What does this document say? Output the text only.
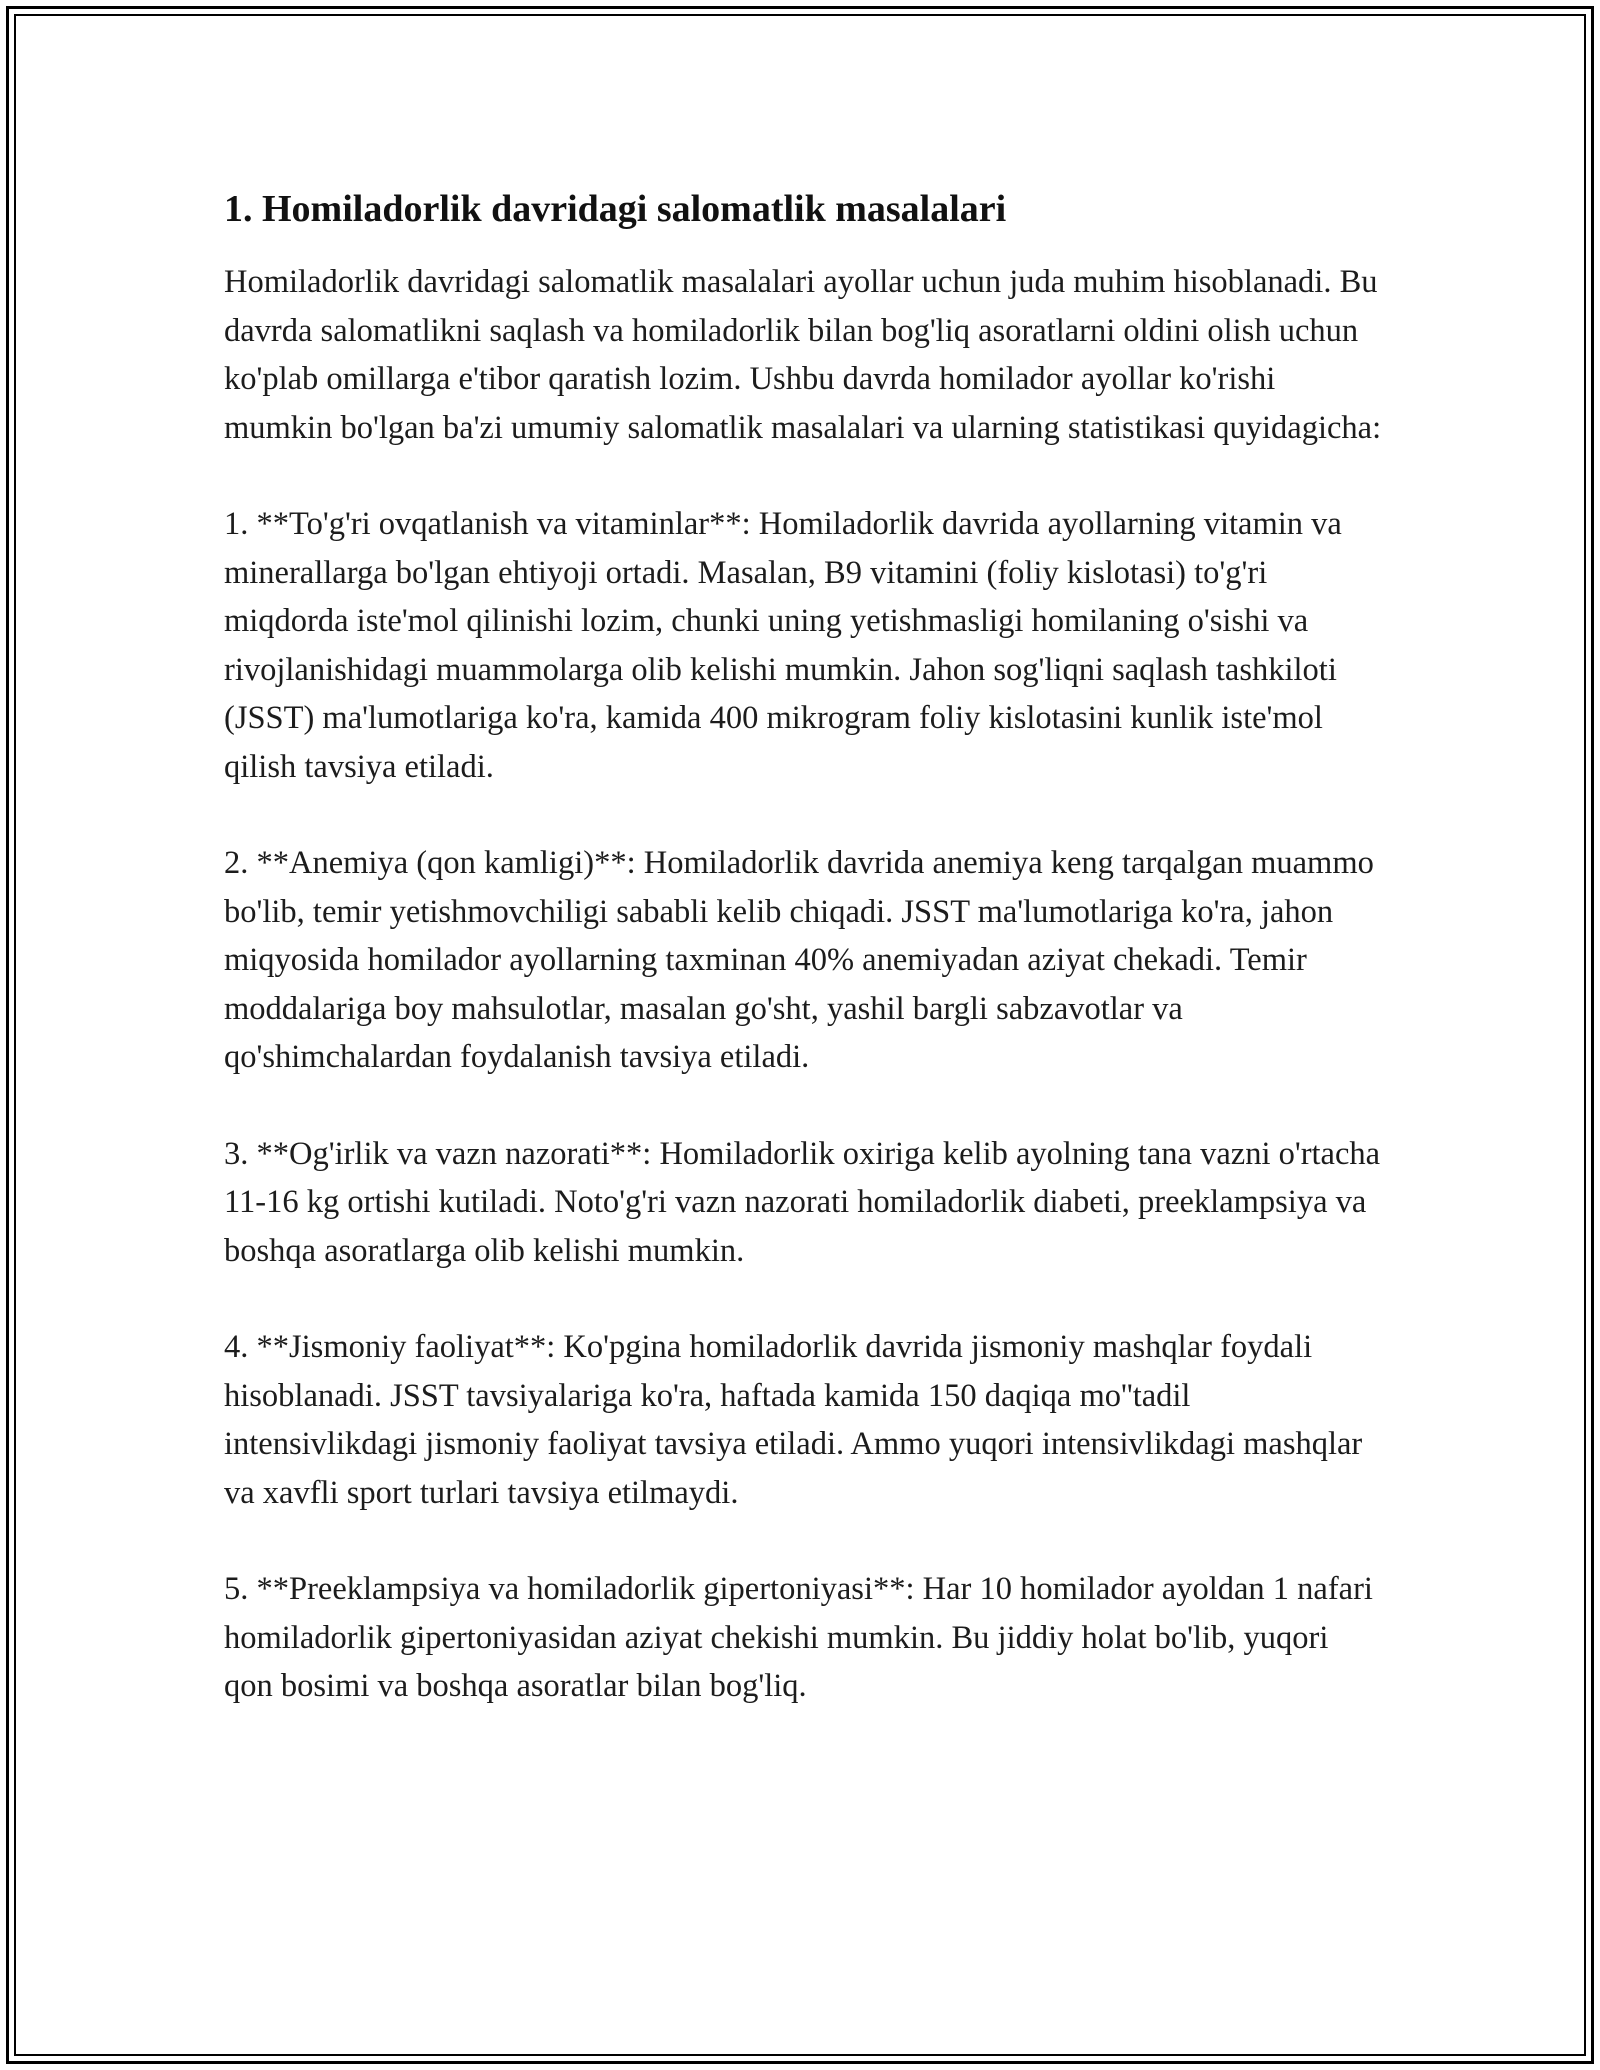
1. Homiladorlik davridagi salomatlik masalalari

Homiladorlik davridagi salomatlik masalalari ayollar uchun juda muhim hisoblanadi. Bu davrda salomatlikni saqlash va homiladorlik bilan bog'liq asoratlarni oldini olish uchun ko'plab omillarga e'tibor qaratish lozim. Ushbu davrda homilador ayollar ko'rishi mumkin bo'lgan ba'zi umumiy salomatlik masalalari va ularning statistikasi quyidagicha:

1. **To'g'ri ovqatlanish va vitaminlar**: Homiladorlik davrida ayollarning vitamin va minerallarga bo'lgan ehtiyoji ortadi. Masalan, B9 vitamini (foliy kislotasi) to'g'ri miqdorda iste'mol qilinishi lozim, chunki uning yetishmasligi homilaning o'sishi va rivojlanishidagi muammolarga olib kelishi mumkin. Jahon sog'liqni saqlash tashkiloti (JSST) ma'lumotlariga ko'ra, kamida 400 mikrogram foliy kislotasini kunlik iste'mol qilish tavsiya etiladi.

2. **Anemiya (qon kamligi)**: Homiladorlik davrida anemiya keng tarqalgan muammo bo'lib, temir yetishmovchiligi sababli kelib chiqadi. JSST ma'lumotlariga ko'ra, jahon miqyosida homilador ayollarning taxminan 40% anemiyadan aziyat chekadi. Temir moddalariga boy mahsulotlar, masalan go'sht, yashil bargli sabzavotlar va qo'shimchalardan foydalanish tavsiya etiladi.

3. **Og'irlik va vazn nazorati**: Homiladorlik oxiriga kelib ayolning tana vazni o'rtacha 11-16 kg ortishi kutiladi. Noto'g'ri vazn nazorati homiladorlik diabeti, preeklampsiya va boshqa asoratlarga olib kelishi mumkin.

4. **Jismoniy faoliyat**: Ko'pgina homiladorlik davrida jismoniy mashqlar foydali hisoblanadi. JSST tavsiyalariga ko'ra, haftada kamida 150 daqiqa mo''tadil intensivlikdagi jismoniy faoliyat tavsiya etiladi. Ammo yuqori intensivlikdagi mashqlar va xavfli sport turlari tavsiya etilmaydi.

5. **Preeklampsiya va homiladorlik gipertoniyasi**: Har 10 homilador ayoldan 1 nafari homiladorlik gipertoniyasidan aziyat chekishi mumkin. Bu jiddiy holat bo'lib, yuqori qon bosimi va boshqa asoratlar bilan bog'liq.
